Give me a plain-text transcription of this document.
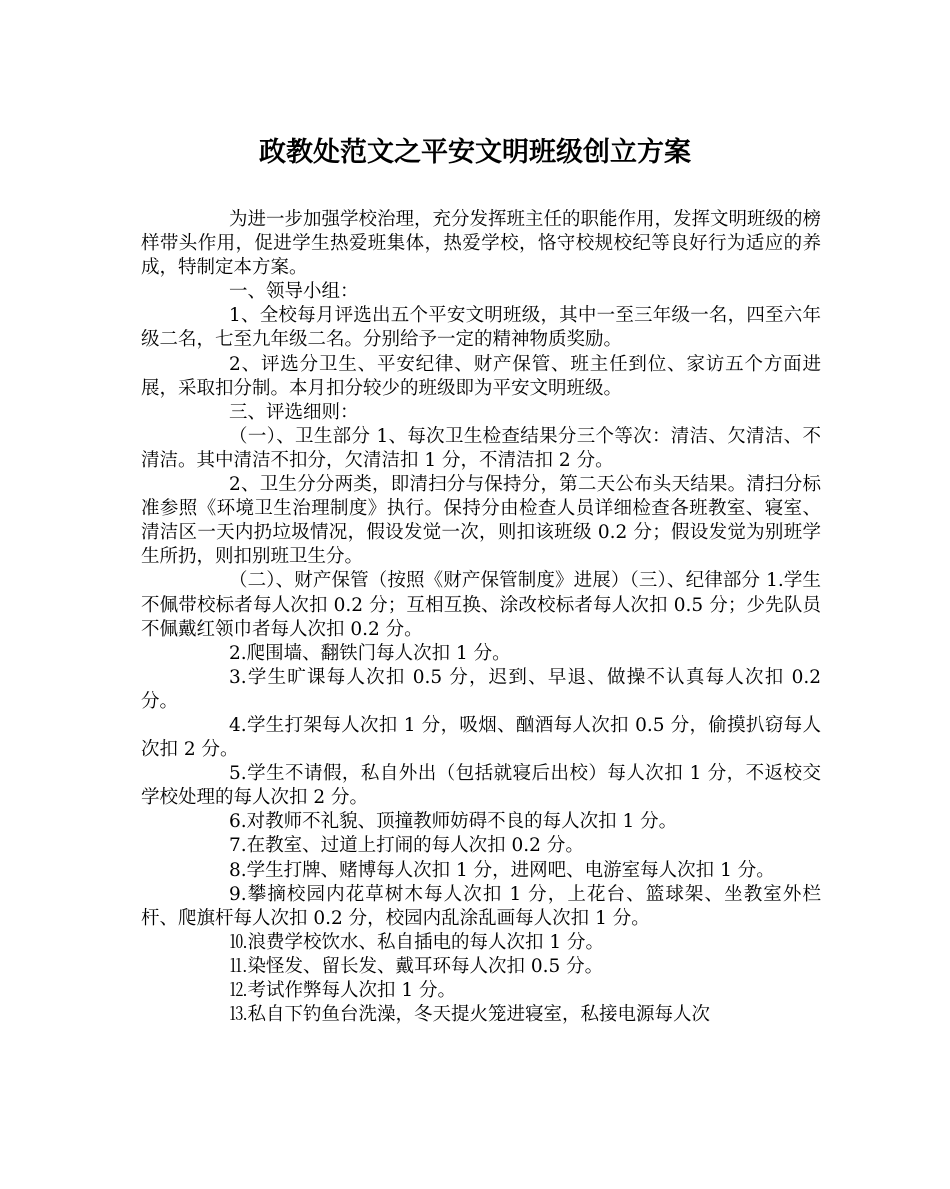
政教处范文之平安文明班级创立方案

为进一步加强学校治理，充分发挥班主任的职能作用，发挥文明班级的榜样带头作用，促进学生热爱班集体，热爱学校，恪守校规校纪等良好行为适应的养成，特制定本方案。

一、领导小组：

1、全校每月评选出五个平安文明班级，其中一至三年级一名，四至六年级二名，七至九年级二名。分别给予一定的精神物质奖励。

2、评选分卫生、平安纪律、财产保管、班主任到位、家访五个方面进展，采取扣分制。本月扣分较少的班级即为平安文明班级。

三、评选细则：

（一）、卫生部分 1、每次卫生检查结果分三个等次：清洁、欠清洁、不清洁。其中清洁不扣分，欠清洁扣 1 分，不清洁扣 2 分。

2、卫生分分两类，即清扫分与保持分，第二天公布头天结果。清扫分标准参照《环境卫生治理制度》执行。保持分由检查人员详细检查各班教室、寝室、清洁区一天内扔垃圾情况，假设发觉一次，则扣该班级 0.2 分；假设发觉为别班学生所扔，则扣别班卫生分。

（二）、财产保管（按照《财产保管制度》进展）（三）、纪律部分 1.学生不佩带校标者每人次扣 0.2 分；互相互换、涂改校标者每人次扣 0.5 分；少先队员不佩戴红领巾者每人次扣 0.2 分。

2.爬围墙、翻铁门每人次扣 1 分。

3.学生旷课每人次扣 0.5 分，迟到、早退、做操不认真每人次扣 0.2 分。

4.学生打架每人次扣 1 分，吸烟、酗酒每人次扣 0.5 分，偷摸扒窃每人次扣 2 分。

5.学生不请假，私自外出（包括就寝后出校）每人次扣 1 分，不返校交学校处理的每人次扣 2 分。

6.对教师不礼貌、顶撞教师妨碍不良的每人次扣 1 分。

7.在教室、过道上打闹的每人次扣 0.2 分。

8.学生打牌、赌博每人次扣 1 分，进网吧、电游室每人次扣 1 分。

9.攀摘校园内花草树木每人次扣 1 分，上花台、篮球架、坐教室外栏杆、爬旗杆每人次扣 0.2 分，校园内乱涂乱画每人次扣 1 分。

⒑浪费学校饮水、私自插电的每人次扣 1 分。

⒒染怪发、留长发、戴耳环每人次扣 0.5 分。

⒓考试作弊每人次扣 1 分。

⒔私自下钓鱼台洗澡，冬天提火笼进寝室，私接电源每人次
